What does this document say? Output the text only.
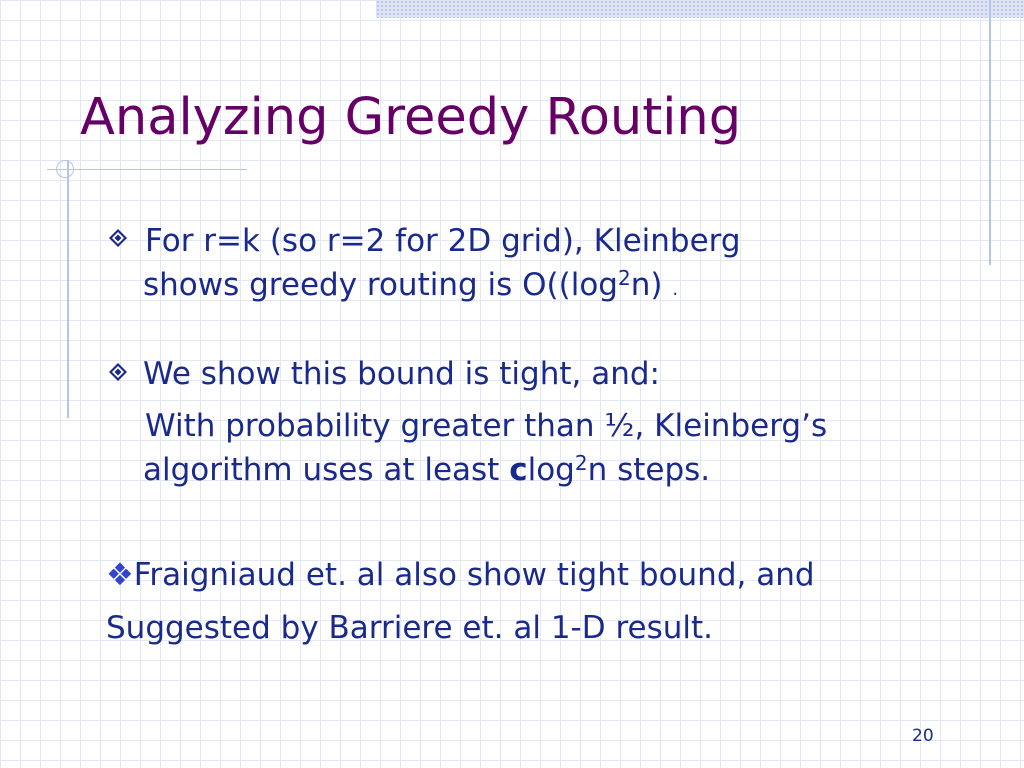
Analyzing Greedy Routing
For r=k (so r=2 for 2D grid), Kleinberg
shows greedy routing is $O((\log^2n)$ .
We show this bound is tight, and:
With probability greater than ½, Kleinberg’s
algorithm uses at least clog$^2$n steps.
❖Fraigniaud et. al also show tight bound, and
Suggested by Barriere et. al 1-D result.
20
